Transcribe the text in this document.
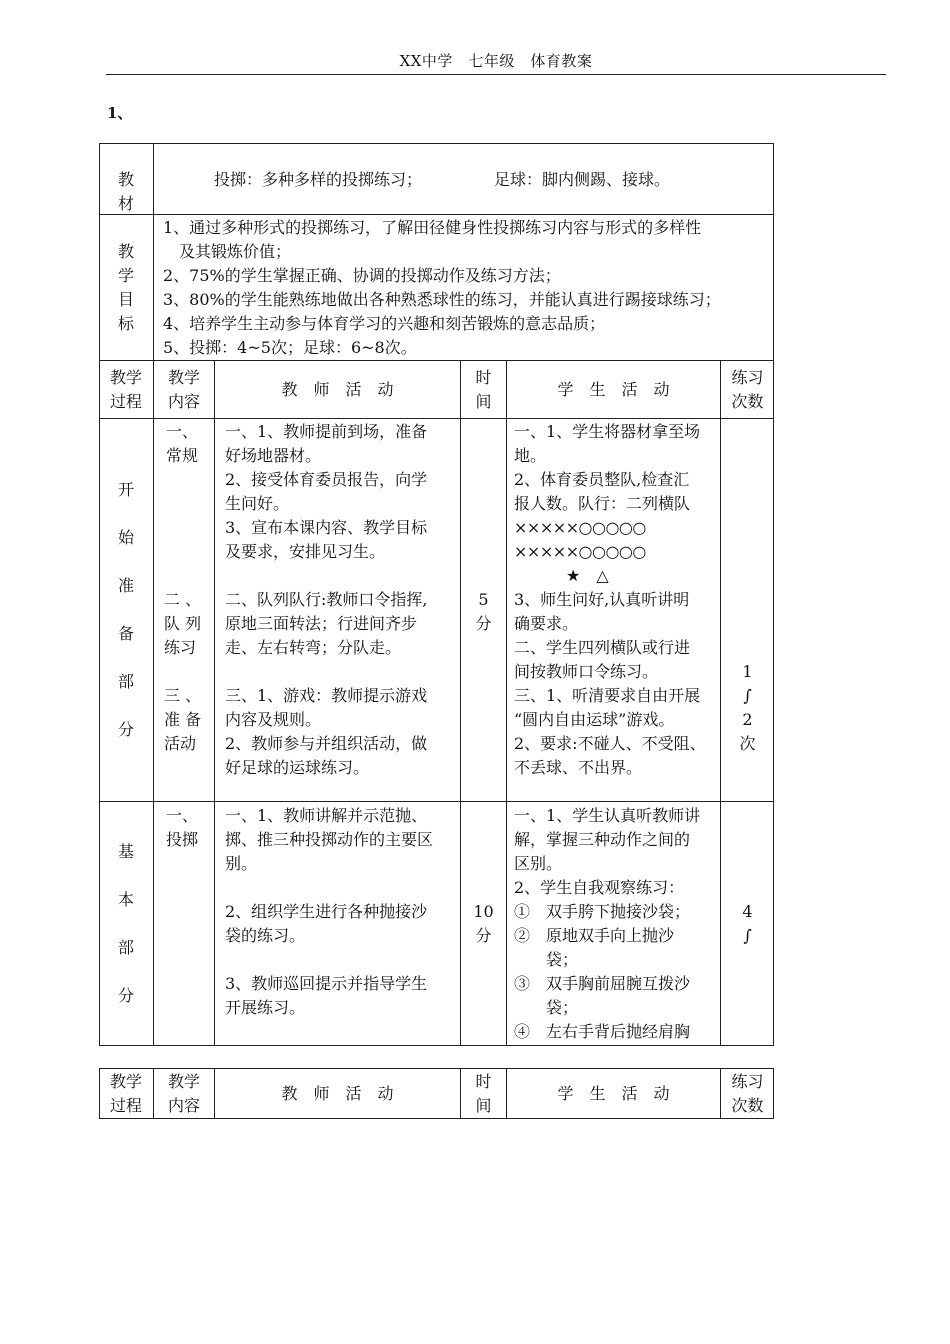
XX中学　七年级　体育教案
1、
教
材
投掷：多种多样的投掷练习；　　　　　足球：脚内侧踢、接球。
教
学
目
标
1、通过多种形式的投掷练习，了解田径健身性投掷练习内容与形式的多样性
　及其锻炼价值；
2、75%的学生掌握正确、协调的投掷动作及练习方法；
3、80%的学生能熟练地做出各种熟悉球性的练习，并能认真进行踢接球练习；
4、培养学生主动参与体育学习的兴趣和刻苦锻炼的意志品质；
5、投掷：4~5次；足球：6~8次。
教学
过程
教学
内容
教　师　活　动
时
间
学　生　活　动
练习
次数
开
始
准
备
部
分
一、
常规
二 、
队 列
练习
三 、
准 备
活动
一、1、教师提前到场，准备
好场地器材。
2、接受体育委员报告，向学
生问好。
3、宣布本课内容、教学目标
及要求，安排见习生。
二、队列队行:教师口令指挥,
原地三面转法；行进间齐步
走、左右转弯；分队走。
三、1、游戏：教师提示游戏
内容及规则。
2、教师参与并组织活动，做
好足球的运球练习。
5
分
一、1、学生将器材拿至场
地。
2、体育委员整队,检查汇
报人数。队行：二列横队
×××××○○○○○
×××××○○○○○
★　△
3、师生问好,认真听讲明
确要求。
二、学生四列横队或行进
间按教师口令练习。
三、1、听清要求自由开展
“圆内自由运球”游戏。
2、要求:不碰人、不受阻、
不丢球、不出界。
1
∫
2
次
基
本
部
分
一、
投掷
一、1、教师讲解并示范抛、
掷、推三种投掷动作的主要区
别。
2、组织学生进行各种抛接沙
袋的练习。
3、教师巡回提示并指导学生
开展练习。
10
分
一、1、学生认真听教师讲
解，掌握三种动作之间的
区别。
2、学生自我观察练习：
①　双手胯下抛接沙袋；
②　原地双手向上抛沙
　　袋；
③　双手胸前屈腕互拨沙
　　袋；
④　左右手背后抛经肩胸
4
∫
教学
过程
教学
内容
教　师　活　动
时
间
学　生　活　动
练习
次数
